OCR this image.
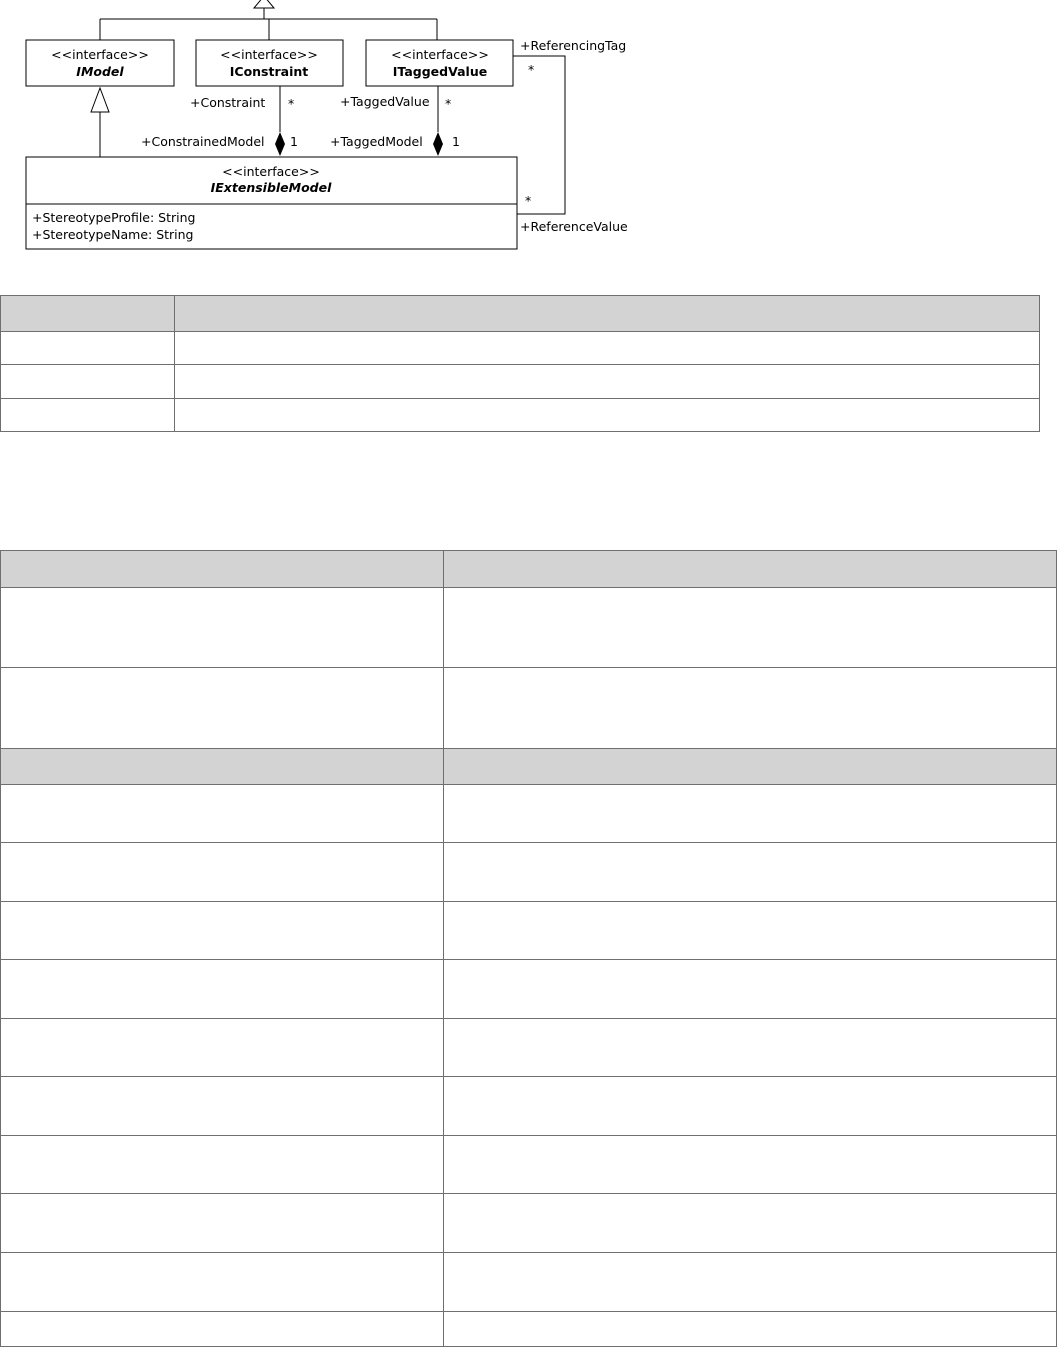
<<interface>>
IModel
<<interface>>
IConstraint
<<interface>>
ITaggedValue
<<interface>>
IExtensibleModel
+StereotypeProfile: String
+StereotypeName: String
+Constraint *
+ConstrainedModel 1
+TaggedValue *
+TaggedModel 1
+ReferencingTag
*
*
+ReferenceValue
